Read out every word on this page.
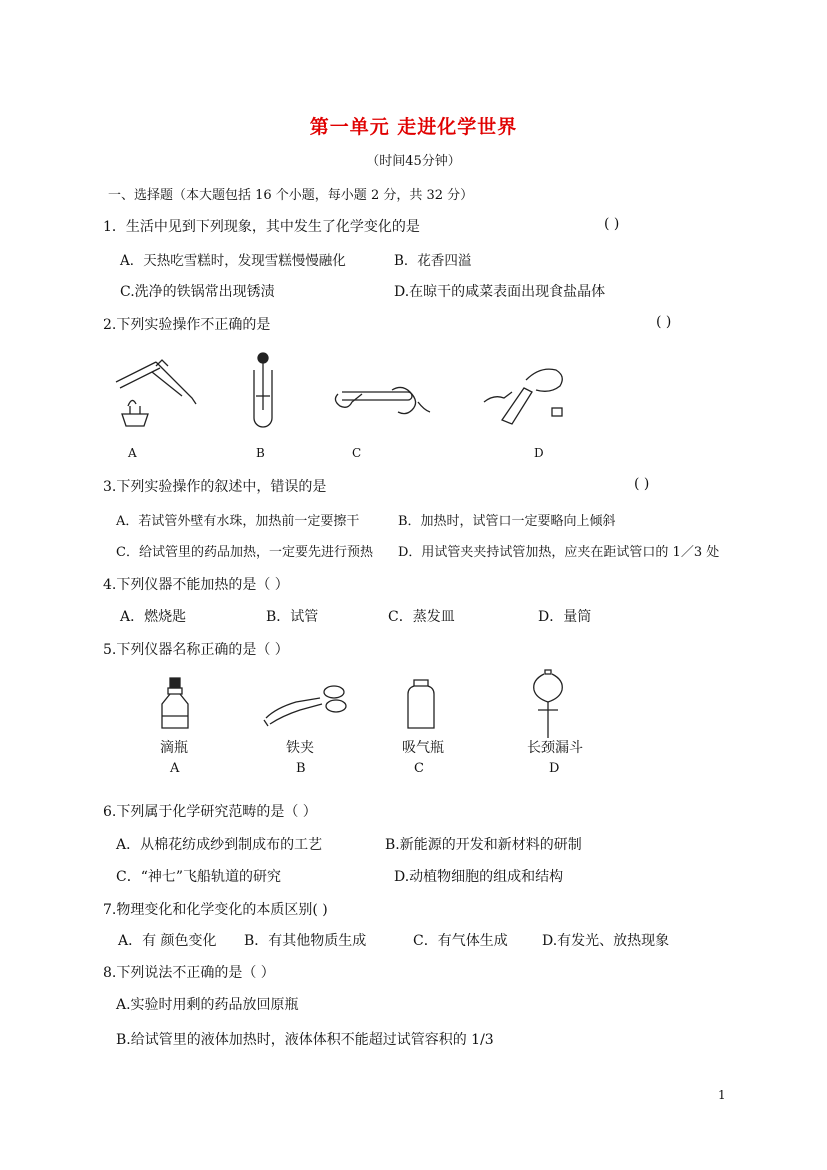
第一单元 走进化学世界
（时间45分钟）
一、选择题（本大题包括 16 个小题，每小题 2 分，共 32 分）
1．生活中见到下列现象，其中发生了化学变化的是	( )
A．天热吃雪糕时，发现雪糕慢慢融化	B．花香四溢
C.洗净的铁锅常出现锈渍	D.在晾干的咸菜表面出现食盐晶体
2.下列实验操作不正确的是	( )
A	B	C	D
3.下列实验操作的叙述中，错误的是	( )
A．若试管外壁有水珠，加热前一定要擦干	B．加热时，试管口一定要略向上倾斜
C．给试管里的药品加热，一定要先进行预热 D．用试管夹夹持试管加热，应夹在距试管口的 1／3 处
4.下列仪器不能加热的是（ ）
A．燃烧匙	B．试管	C．蒸发皿	D．量筒
5.下列仪器名称正确的是（ ）
滴瓶	铁夹	吸气瓶	长颈漏斗
A	B	C	D
6.下列属于化学研究范畴的是（ ）
A．从棉花纺成纱到制成布的工艺	B.新能源的开发和新材料的研制
C．“神七”飞船轨道的研究	D.动植物细胞的组成和结构
7.物理变化和化学变化的本质区别( )
A．有 颜色变化 B．有其他物质生成	C．有气体生成 D.有发光、放热现象
8.下列说法不正确的是（ ）
A.实验时用剩的药品放回原瓶
B.给试管里的液体加热时，液体体积不能超过试管容积的 1/3
1
